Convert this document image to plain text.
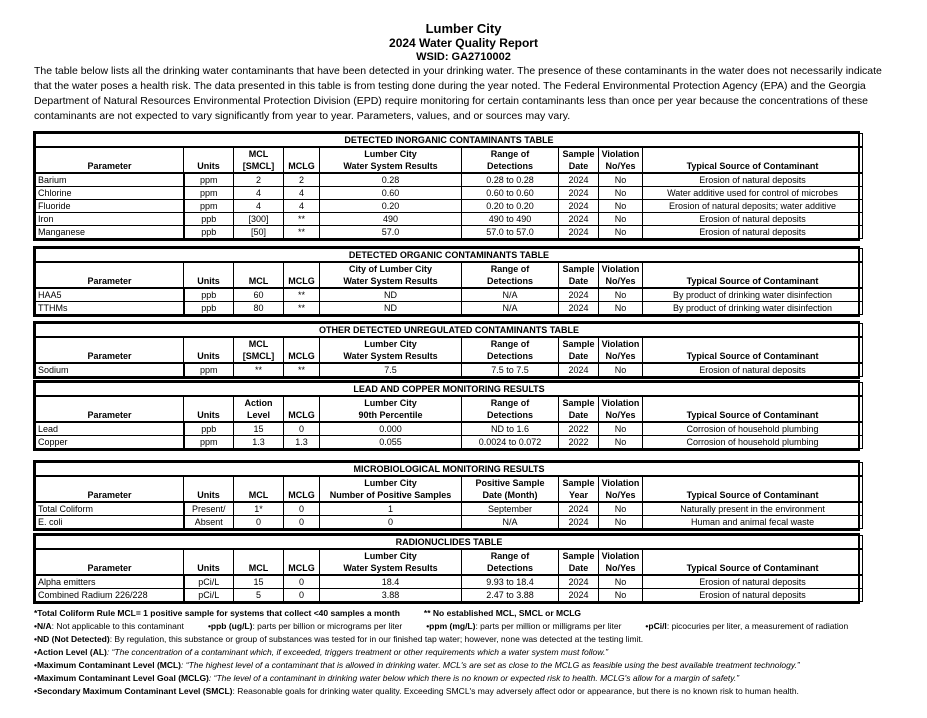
Lumber City
2024 Water Quality Report
WSID: GA2710002
The table below lists all the drinking water contaminants that have been detected in your drinking water. The presence of these contaminants in the water does not necessarily indicate that the water poses a health risk. The data presented in this table is from testing done during the year noted. The Federal Environmental Protection Agency (EPA) and the Georgia Department of Natural Resources Environmental Protection Division (EPD) require monitoring for certain contaminants less than once per year because the concentrations of these contaminants are not expected to vary significantly from year to year. Parameters, values, and or sources may vary.
DETECTED INORGANIC CONTAMINANTS TABLE								
		MCL		Lumber City	Range of	Sample	Violation	
Parameter	Units	[SMCL]	MCLG	Water System Results	Detections	Date	No/Yes	Typical Source of Contaminant
Barium	ppm	2	2	0.28	0.28 to 0.28	2024	No	Erosion of natural deposits
Chlorine	ppm	4	4	0.60	0.60 to 0.60	2024	No	Water additive used for control of microbes
Fluoride	ppm	4	4	0.20	0.20 to 0.20	2024	No	Erosion of natural deposits; water additive
Iron	ppb	[300]	**	490	490 to 490	2024	No	Erosion of natural deposits
Manganese	ppb	[50]	**	57.0	57.0 to 57.0	2024	No	Erosion of natural deposits
DETECTED ORGANIC CONTAMINANTS TABLE								
				City of Lumber City	Range of	Sample	Violation	
Parameter	Units	MCL	MCLG	Water System Results	Detections	Date	No/Yes	Typical Source of Contaminant
HAA5	ppb	60	**	ND	N/A	2024	No	By product of drinking water disinfection
TTHMs	ppb	80	**	ND	N/A	2024	No	By product of drinking water disinfection
OTHER DETECTED UNREGULATED CONTAMINANTS TABLE								
		MCL		Lumber City	Range of	Sample	Violation	
Parameter	Units	[SMCL]	MCLG	Water System Results	Detections	Date	No/Yes	Typical Source of Contaminant
Sodium	ppm	**	**	7.5	7.5 to 7.5	2024	No	Erosion of natural deposits
LEAD AND COPPER MONITORING RESULTS								
		Action		Lumber City	Range of	Sample	Violation	
Parameter	Units	Level	MCLG	90th Percentile	Detections	Date	No/Yes	Typical Source of Contaminant
Lead	ppb	15	0	0.000	ND to 1.6	2022	No	Corrosion of household plumbing
Copper	ppm	1.3	1.3	0.055	0.0024 to 0.072	2022	No	Corrosion of household plumbing
MICROBIOLOGICAL MONITORING RESULTS								
				Lumber City	Positive Sample	Sample	Violation	
Parameter	Units	MCL	MCLG	Number of Positive Samples	Date (Month)	Year	No/Yes	Typical Source of Contaminant
Total Coliform	Present/	1*	0	1	September	2024	No	Naturally present in the environment
E. coli	Absent	0	0	0	N/A	2024	No	Human and animal fecal waste
RADIONUCLIDES TABLE								
				Lumber City	Range of	Sample	Violation	
Parameter	Units	MCL	MCLG	Water System Results	Detections	Date	No/Yes	Typical Source of Contaminant
Alpha emitters	pCi/L	15	0	18.4	9.93 to 18.4	2024	No	Erosion of natural deposits
Combined Radium 226/228	pCi/L	5	0	3.88	2.47 to 3.88	2024	No	Erosion of natural deposits
*Total Coliform Rule MCL= 1 positive sample for systems that collect <40 samples a month	** No established MCL, SMCL or MCLG
•N/A: Not applicable to this contaminant	•ppb (ug/L): parts per billion or micrograms per liter	•ppm (mg/L): parts per million or milligrams per liter	•pCi/l: picocuries per liter, a measurement of radiation
•ND (Not Detected): By regulation, this substance or group of substances was tested for in our finished tap water; however, none was detected at the testing limit.
•Action Level (AL): “The concentration of a contaminant which, if exceeded, triggers treatment or other requirements which a water system must follow.”
•Maximum Contaminant Level (MCL): “The highest level of a contaminant that is allowed in drinking water. MCL's are set as close to the MCLG as feasible using the best available treatment technology.”
•Maximum Contaminant Level Goal (MCLG): “The level of a contaminant in drinking water below which there is no known or expected risk to health. MCLG's allow for a margin of safety.”
•Secondary Maximum Contaminant Level (SMCL): Reasonable goals for drinking water quality. Exceeding SMCL's may adversely affect odor or appearance, but there is no known risk to human health.
